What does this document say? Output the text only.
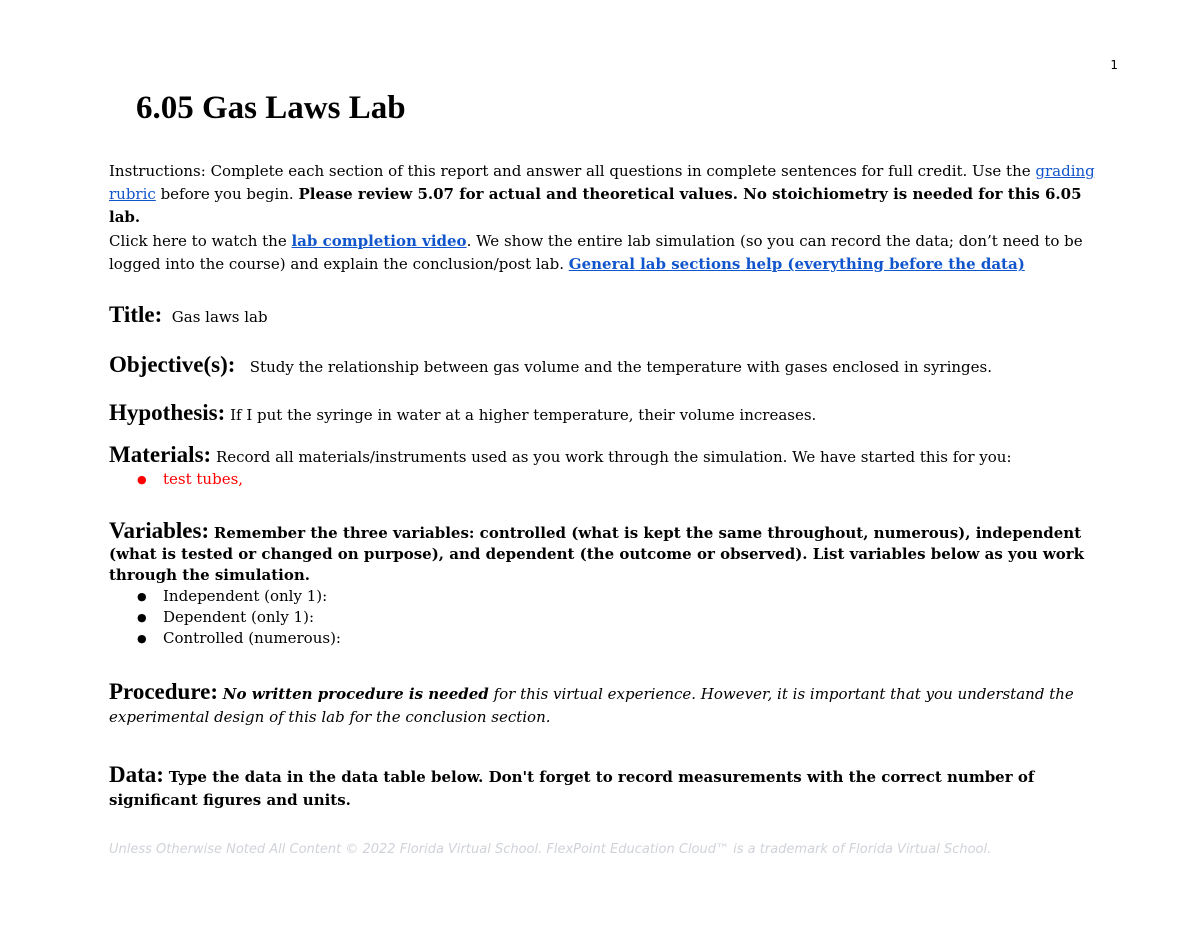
1
6.05 Gas Laws Lab
Instructions: Complete each section of this report and answer all questions in complete sentences for full credit. Use the grading rubric before you begin. Please review 5.07 for actual and theoretical values. No stoichiometry is needed for this 6.05 lab.
Click here to watch the lab completion video. We show the entire lab simulation (so you can record the data; don’t need to be logged into the course) and explain the conclusion/post lab. General lab sections help (everything before the data)
Title: Gas laws lab
Objective(s): Study the relationship between gas volume and the temperature with gases enclosed in syringes.
Hypothesis: If I put the syringe in water at a higher temperature, their volume increases.
Materials: Record all materials/instruments used as you work through the simulation. We have started this for you:
● test tubes,
Variables: Remember the three variables: controlled (what is kept the same throughout, numerous), independent (what is tested or changed on purpose), and dependent (the outcome or observed). List variables below as you work through the simulation.
● Independent (only 1):
● Dependent (only 1):
● Controlled (numerous):
Procedure: No written procedure is needed for this virtual experience. However, it is important that you understand the experimental design of this lab for the conclusion section.
Data: Type the data in the data table below. Don't forget to record measurements with the correct number of significant figures and units.
Unless Otherwise Noted All Content © 2022 Florida Virtual School. FlexPoint Education Cloud™ is a trademark of Florida Virtual School.
